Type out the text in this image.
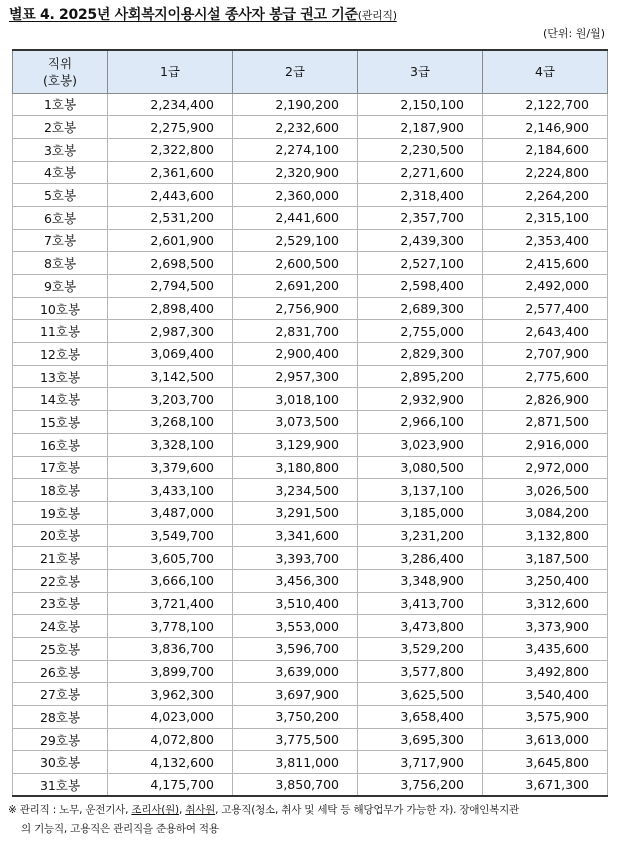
별표 4. 2025년 사회복지이용시설 종사자 봉급 권고 기준(관리직)
(단위: 원/월)
직위
(호봉)	1급	2급	3급	4급
1호봉	2,234,400	2,190,200	2,150,100	2,122,700
2호봉	2,275,900	2,232,600	2,187,900	2,146,900
3호봉	2,322,800	2,274,100	2,230,500	2,184,600
4호봉	2,361,600	2,320,900	2,271,600	2,224,800
5호봉	2,443,600	2,360,000	2,318,400	2,264,200
6호봉	2,531,200	2,441,600	2,357,700	2,315,100
7호봉	2,601,900	2,529,100	2,439,300	2,353,400
8호봉	2,698,500	2,600,500	2,527,100	2,415,600
9호봉	2,794,500	2,691,200	2,598,400	2,492,000
10호봉	2,898,400	2,756,900	2,689,300	2,577,400
11호봉	2,987,300	2,831,700	2,755,000	2,643,400
12호봉	3,069,400	2,900,400	2,829,300	2,707,900
13호봉	3,142,500	2,957,300	2,895,200	2,775,600
14호봉	3,203,700	3,018,100	2,932,900	2,826,900
15호봉	3,268,100	3,073,500	2,966,100	2,871,500
16호봉	3,328,100	3,129,900	3,023,900	2,916,000
17호봉	3,379,600	3,180,800	3,080,500	2,972,000
18호봉	3,433,100	3,234,500	3,137,100	3,026,500
19호봉	3,487,000	3,291,500	3,185,000	3,084,200
20호봉	3,549,700	3,341,600	3,231,200	3,132,800
21호봉	3,605,700	3,393,700	3,286,400	3,187,500
22호봉	3,666,100	3,456,300	3,348,900	3,250,400
23호봉	3,721,400	3,510,400	3,413,700	3,312,600
24호봉	3,778,100	3,553,000	3,473,800	3,373,900
25호봉	3,836,700	3,596,700	3,529,200	3,435,600
26호봉	3,899,700	3,639,000	3,577,800	3,492,800
27호봉	3,962,300	3,697,900	3,625,500	3,540,400
28호봉	4,023,000	3,750,200	3,658,400	3,575,900
29호봉	4,072,800	3,775,500	3,695,300	3,613,000
30호봉	4,132,600	3,811,000	3,717,900	3,645,800
31호봉	4,175,700	3,850,700	3,756,200	3,671,300
※ 관리직 : 노무, 운전기사, 조리사(원), 취사원, 고용직(청소, 취사 및 세탁 등 해당업무가 가능한 자). 장애인복지관
의 기능직, 고용직은 관리직을 준용하여 적용
